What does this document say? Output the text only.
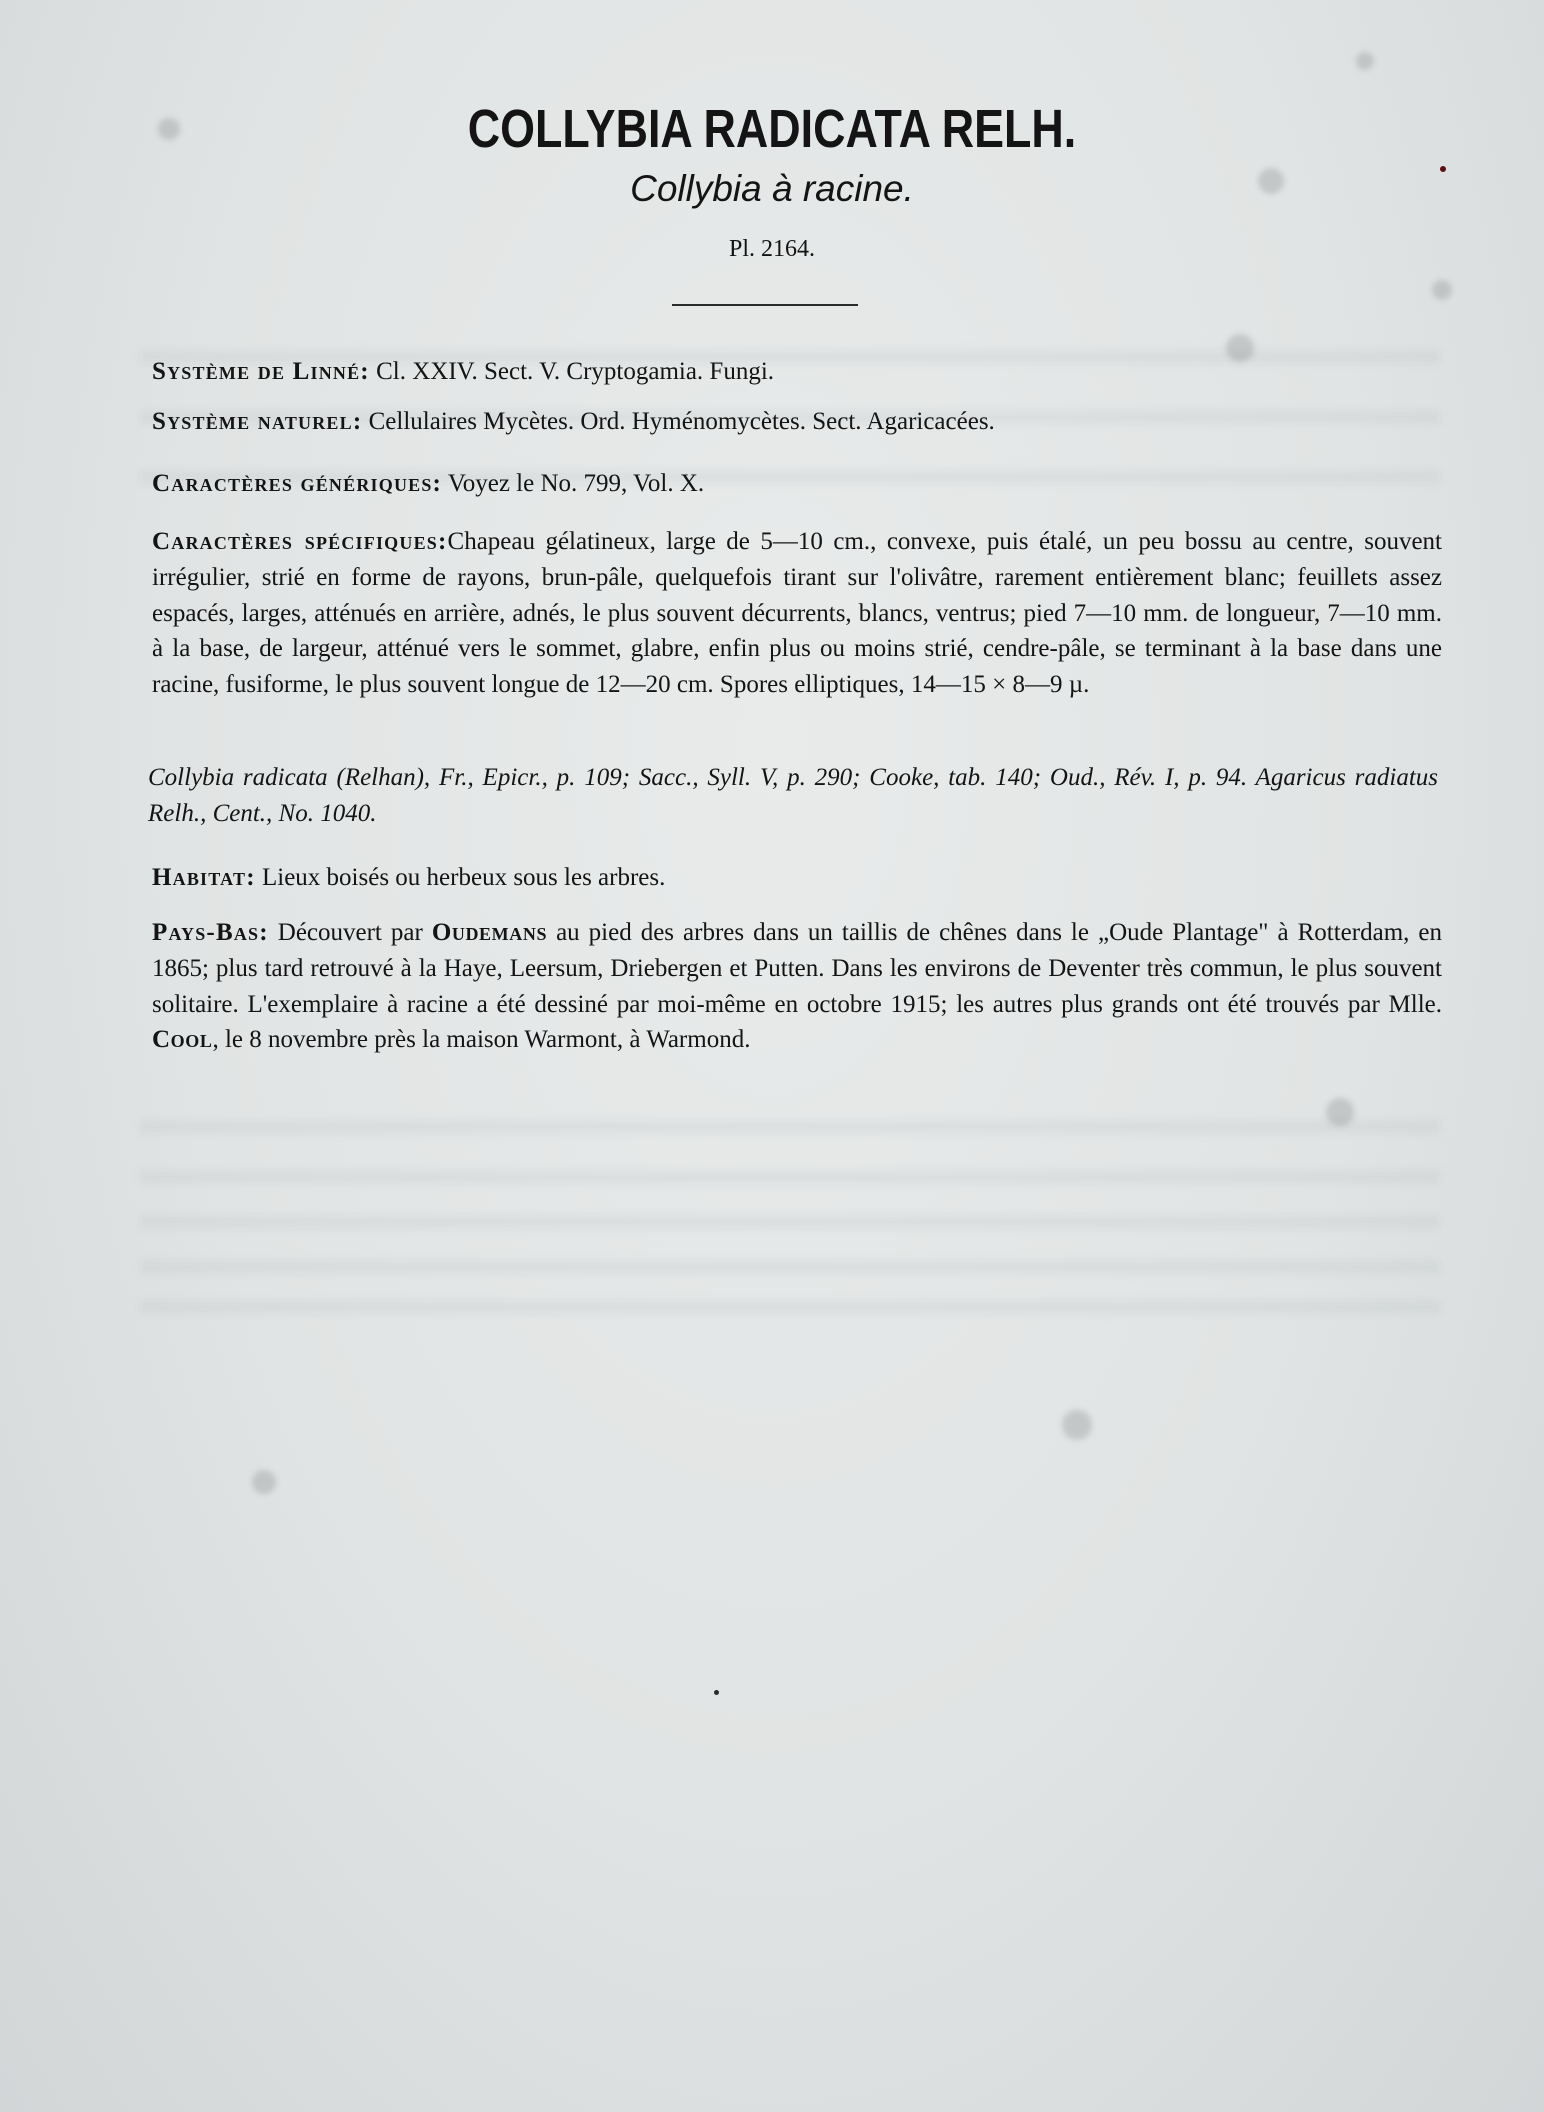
COLLYBIA RADICATA RELH.
Collybia à racine.
Pl. 2164.

Système de Linné: Cl. XXIV. Sect. V. Cryptogamia. Fungi.

Système naturel: Cellulaires Mycètes. Ord. Hyménomycètes. Sect. Agaricacées.

Caractères génériques: Voyez le No. 799, Vol. X.

Caractères spécifiques:Chapeau gélatineux, large de 5—10 cm., convexe, puis étalé, un peu bossu au centre, souvent irrégulier, strié en forme de rayons, brun-pâle, quelquefois tirant sur l'olivâtre, rarement entièrement blanc; feuillets assez espacés, larges, atténués en arrière, adnés, le plus souvent décurrents, blancs, ventrus; pied 7—10 mm. de longueur, 7—10 mm. à la base, de largeur, atténué vers le sommet, glabre, enfin plus ou moins strié, cendre-pâle, se terminant à la base dans une racine, fusiforme, le plus souvent longue de 12—20 cm. Spores elliptiques, 14—15 × 8—9 µ.

Collybia radicata (Relhan), Fr., Epicr., p. 109; Sacc., Syll. V, p. 290; Cooke, tab. 140; Oud., Rév. I, p. 94. Agaricus radiatus Relh., Cent., No. 1040.

Habitat: Lieux boisés ou herbeux sous les arbres.

Pays-Bas: Découvert par Oudemans au pied des arbres dans un taillis de chênes dans le „Oude Plantage" à Rotterdam, en 1865; plus tard retrouvé à la Haye, Leersum, Driebergen et Putten. Dans les environs de Deventer très commun, le plus souvent solitaire. L'exemplaire à racine a été dessiné par moi-même en octobre 1915; les autres plus grands ont été trouvés par Mlle. Cool, le 8 novembre près la maison Warmont, à Warmond.
